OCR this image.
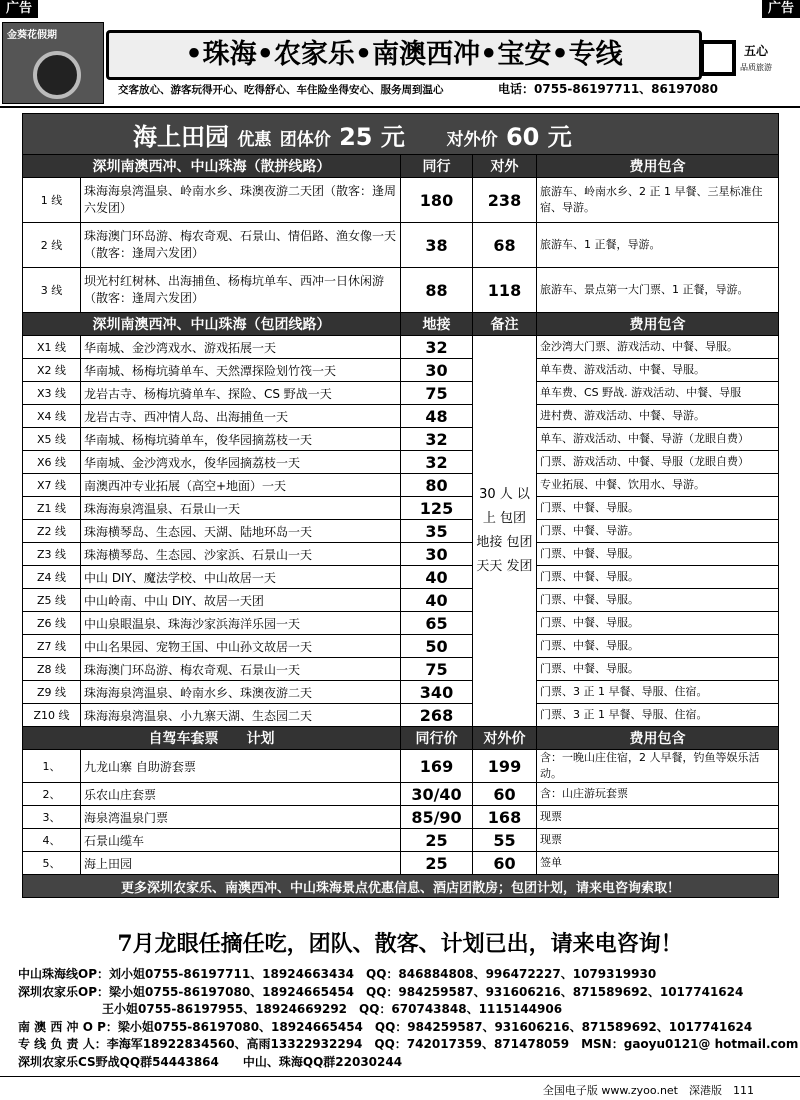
广告	广告
金葵花假期
•珠海•农家乐•南澳西冲•宝安•专线	五心
品质旅游
交客放心、游客玩得开心、吃得舒心、车住险坐得安心、服务周到温心	电话：0755-86197711、86197080
海上田园 优惠 团体价 25 元 对外价 60 元				
深圳南澳西冲、中山珠海（散拼线路）		同行	对外	费用包含
1 线	珠海海泉湾温泉、岭南水乡、珠澳夜游二天团（散客：逢周六发团）	180	238	旅游车、岭南水乡、2 正 1 早餐、三星标准住宿、导游。
2 线	珠海澳门环岛游、梅农奇观、石景山、情侣路、渔女像一天（散客：逢周六发团）	38	68	旅游车、1 正餐，导游。
3 线	坝光村红树林、出海捕鱼、杨梅坑单车、西冲一日休闲游（散客：逢周六发团）	88	118	旅游车、景点第一大门票、1 正餐，导游。
深圳南澳西冲、中山珠海（包团线路）		地接	备注	费用包含
X1 线	华南城、金沙湾戏水、游戏拓展一天	32	30 人 以上 包团 地接 包团 天天 发团	金沙湾大门票、游戏活动、中餐、导服。
X2 线	华南城、杨梅坑骑单车、天然潭探险划竹筏一天	30		单车费、游戏活动、中餐、导服。
X3 线	龙岩古寺、杨梅坑骑单车、探险、CS 野战一天	75		单车费、CS 野战. 游戏活动、中餐、导服
X4 线	龙岩古寺、西冲情人岛、出海捕鱼一天	48		进村费、游戏活动、中餐、导游。
X5 线	华南城、杨梅坑骑单车，俊华园摘荔枝一天	32		单车、游戏活动、中餐、导游（龙眼自费）
X6 线	华南城、金沙湾戏水，俊华园摘荔枝一天	32		门票、游戏活动、中餐、导服（龙眼自费）
X7 线	南澳西冲专业拓展（高空+地面）一天	80		专业拓展、中餐、饮用水、导游。
Z1 线	珠海海泉湾温泉、石景山一天	125		门票、中餐、导服。
Z2 线	珠海横琴岛、生态园、天湖、陆地环岛一天	35		门票、中餐、导游。
Z3 线	珠海横琴岛、生态园、沙家浜、石景山一天	30		门票、中餐、导服。
Z4 线	中山 DIY、魔法学校、中山故居一天	40		门票、中餐、导服。
Z5 线	中山岭南、中山 DIY、故居一天团	40		门票、中餐、导服。
Z6 线	中山泉眼温泉、珠海沙家浜海洋乐园一天	65		门票、中餐、导服。
Z7 线	中山名果园、宠物王国、中山孙文故居一天	50		门票、中餐、导服。
Z8 线	珠海澳门环岛游、梅农奇观、石景山一天	75		门票、中餐、导服。
Z9 线	珠海海泉湾温泉、岭南水乡、珠澳夜游二天	340		门票、3 正 1 早餐、导服、住宿。
Z10 线	珠海海泉湾温泉、小九寨天湖、生态园二天	268		门票、3 正 1 早餐、导服、住宿。
自驾车套票　　计划		同行价	对外价	费用包含
1、	九龙山寨 自助游套票	169	199	含：一晚山庄住宿，2 人早餐，钓鱼等娱乐活动。
2、	乐农山庄套票	30/40	60	含：山庄游玩套票
3、	海泉湾温泉门票	85/90	168	现票
4、	石景山缆车	25	55	现票
5、	海上田园	25	60	签单
更多深圳农家乐、南澳西冲、中山珠海景点优惠信息、酒店团散房；包团计划，请来电咨询索取！				
7月龙眼任摘任吃，团队、散客、计划已出，请来电咨询！
中山珠海线OP：刘小姐0755-86197711、18924663434　QQ：846884808、996472227、1079319930
深圳农家乐OP：梁小姐0755-86197080、18924665454　QQ：984259587、931606216、871589692、1017741624
　　　　　　　王小姐0755-86197955、18924669292　QQ：670743848、1115144906
南 澳 西 冲 O P：梁小姐0755-86197080、18924665454　QQ：984259587、931606216、871589692、1017741624
专 线 负 责 人：李海军18922834560、高雨13322932294　QQ：742017359、871478059　MSN：gaoyu0121@ hotmail.com
深圳农家乐CS野战QQ群54443864　　中山、珠海QQ群22030244
全国电子版 www.zyoo.net　深港版　111
